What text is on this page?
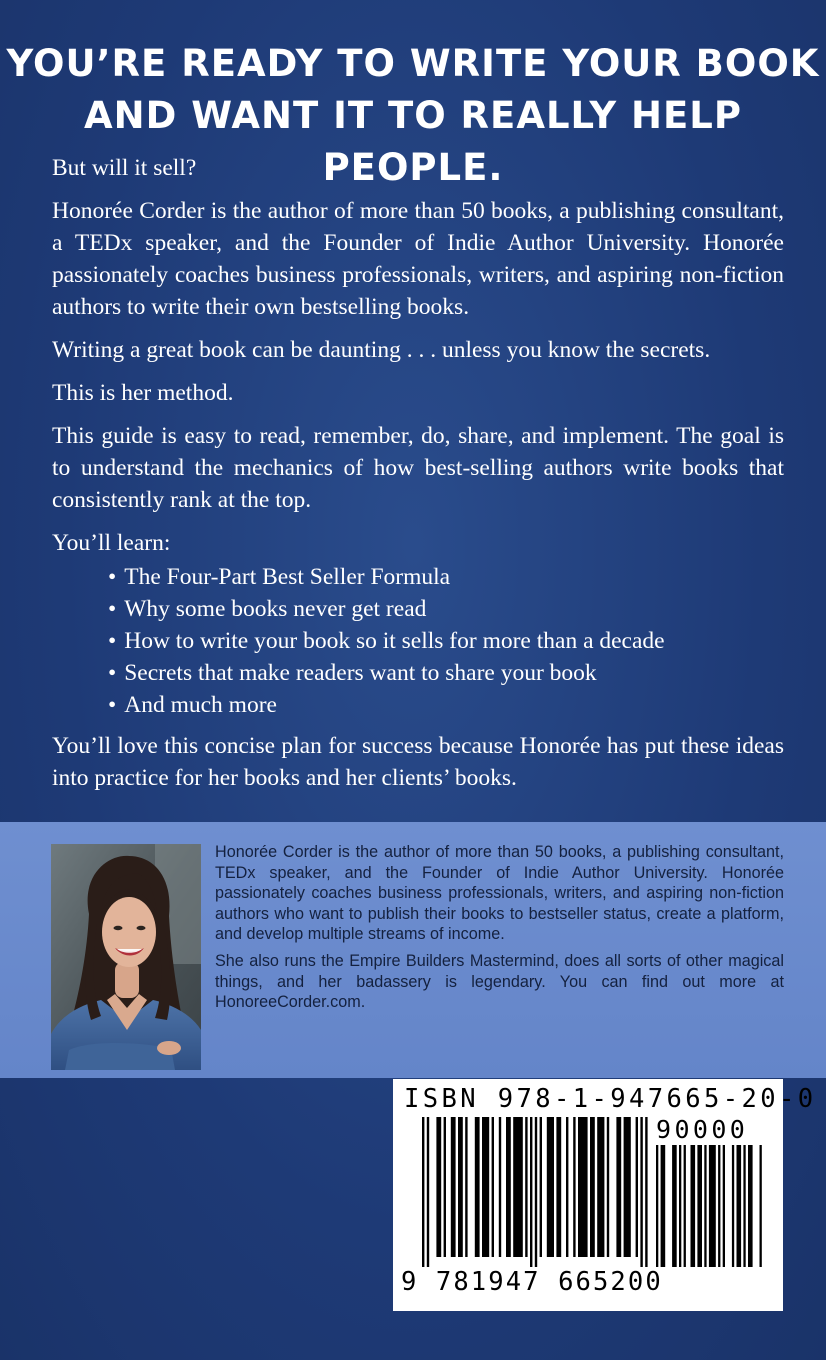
YOU’RE READY TO WRITE YOUR BOOK
AND WANT IT TO REALLY HELP PEOPLE.

But will it sell?

Honorée Corder is the author of more than 50 books, a publishing consultant, a TEDx speaker, and the Founder of Indie Author University. Honorée passionately coaches business professionals, writers, and aspiring non-fiction authors to write their own bestselling books.

Writing a great book can be daunting . . . unless you know the secrets.

This is her method.

This guide is easy to read, remember, do, share, and implement. The goal is to understand the mechanics of how best-selling authors write books that consistently rank at the top.

You’ll learn:

• The Four-Part Best Seller Formula
• Why some books never get read
• How to write your book so it sells for more than a decade
• Secrets that make readers want to share your book
• And much more

You’ll love this concise plan for success because Honorée has put these ideas into practice for her books and her clients’ books.

Honorée Corder is the author of more than 50 books, a publishing consultant, TEDx speaker, and the Founder of Indie Author University. Honorée passionately coaches business professionals, writers, and aspiring non-fiction authors who want to publish their books to bestseller status, create a platform, and develop multiple streams of income.

She also runs the Empire Builders Mastermind, does all sorts of other magical things, and her badassery is legendary. You can find out more at HonoreeCorder.com.

ISBN 978-1-947665-20-0
90000
9 781947 665200
